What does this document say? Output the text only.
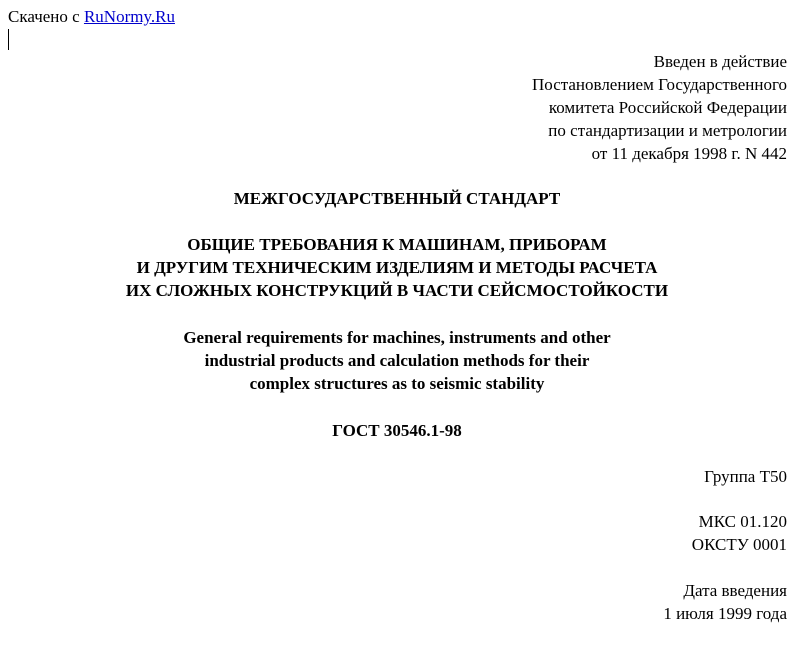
Скачено с RuNormy.Ru
Введен в действие
Постановлением Государственного
комитета Российской Федерации
по стандартизации и метрологии
от 11 декабря 1998 г. N 442
МЕЖГОСУДАРСТВЕННЫЙ СТАНДАРТ
ОБЩИЕ ТРЕБОВАНИЯ К МАШИНАМ, ПРИБОРАМ
И ДРУГИМ ТЕХНИЧЕСКИМ ИЗДЕЛИЯМ И МЕТОДЫ РАСЧЕТА
ИХ СЛОЖНЫХ КОНСТРУКЦИЙ В ЧАСТИ СЕЙСМОСТОЙКОСТИ
General requirements for machines, instruments and other
industrial products and calculation methods for their
complex structures as to seismic stability
ГОСТ 30546.1-98
Группа Т50
МКС 01.120
ОКСТУ 0001
Дата введения
1 июля 1999 года
